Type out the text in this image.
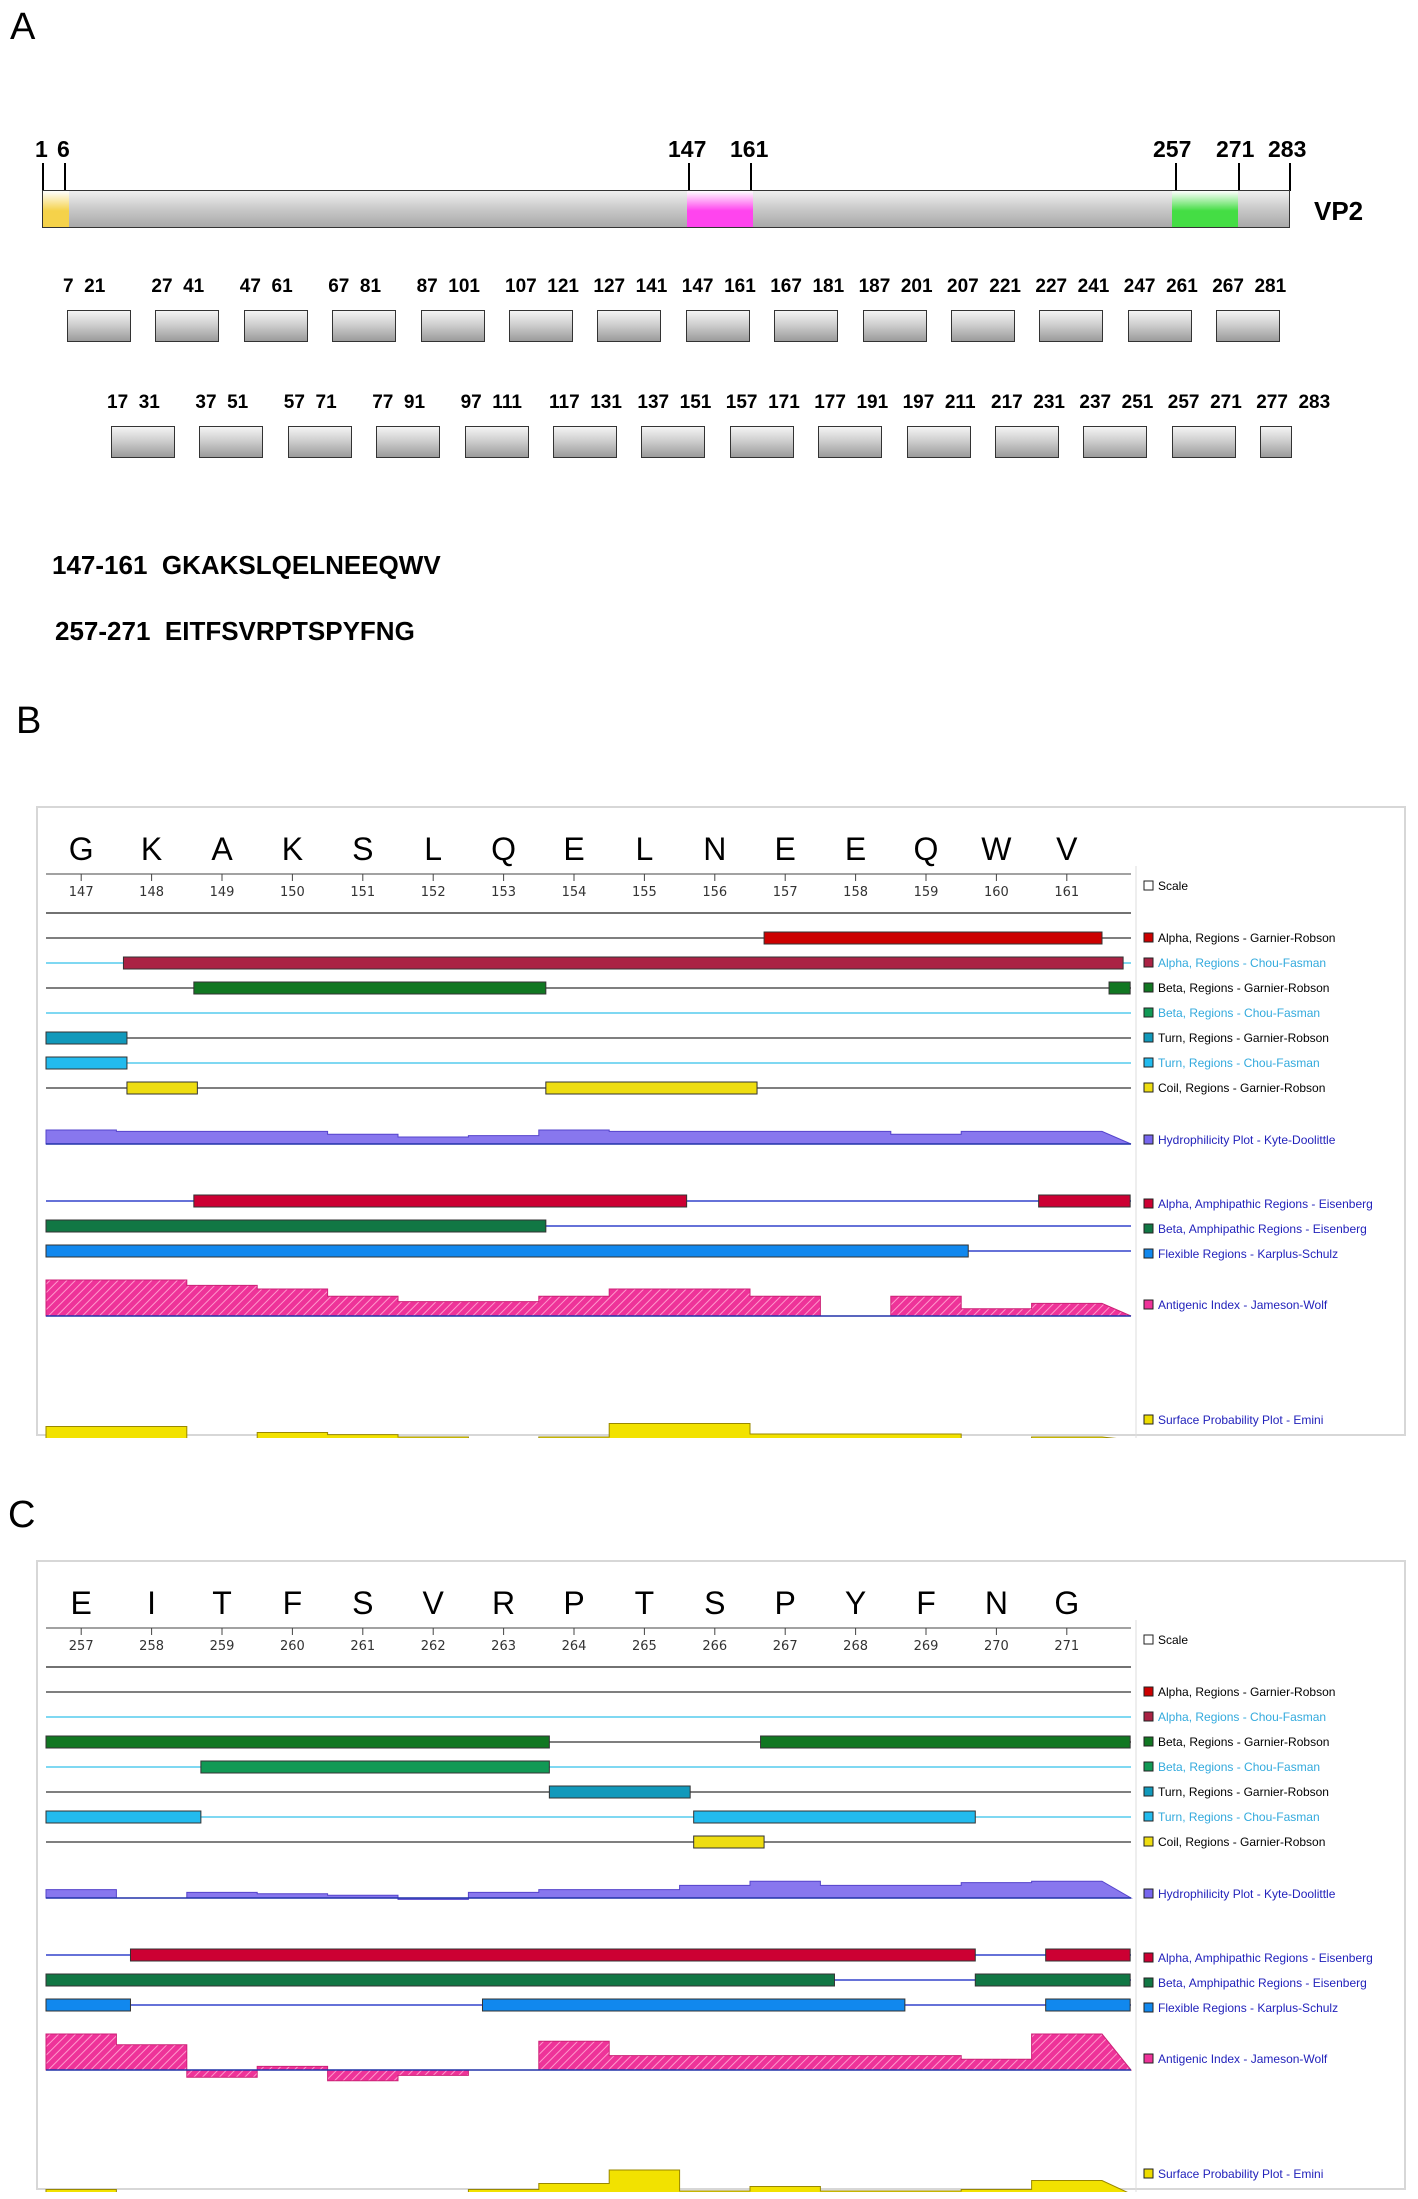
A
1 6	147 161	257 271 283
VP2
7 21 27 41 47 61 67 81 87 101 107 121 127 141 147 161 167 181 187 201 207 221 227 241 247 261 267 281
17 31 37 51 57 71 77 91 97 111 117 131 137 151 157 171 177 191 197 211 217 231 237 251 257 271 277 283
147-161 GKAKSLQELNEEQWV
257-271 EITFSVRPTSPYFNG
B
G K A K S L Q E L N E E Q W V
147	148	149	150	151	152	153	154	155	156	157	158	159	160	161	Scale
Alpha, Regions - Garnier-Robson
Alpha, Regions - Chou-Fasman
Beta, Regions - Garnier-Robson
Beta, Regions - Chou-Fasman
Turn, Regions - Garnier-Robson
Turn, Regions - Chou-Fasman
Coil, Regions - Garnier-Robson
Hydrophilicity Plot - Kyte-Doolittle
Alpha, Amphipathic Regions - Eisenberg
Beta, Amphipathic Regions - Eisenberg
Flexible Regions - Karplus-Schulz
Antigenic Index - Jameson-Wolf
Surface Probability Plot - Emini
C
E I T F S V R P T S P Y F N G
257	258	259	260	261	262	263	264	265	266	267	268	269	270	271	Scale
Alpha, Regions - Garnier-Robson
Alpha, Regions - Chou-Fasman
Beta, Regions - Garnier-Robson
Beta, Regions - Chou-Fasman
Turn, Regions - Garnier-Robson
Turn, Regions - Chou-Fasman
Coil, Regions - Garnier-Robson
Hydrophilicity Plot - Kyte-Doolittle
Alpha, Amphipathic Regions - Eisenberg
Beta, Amphipathic Regions - Eisenberg
Flexible Regions - Karplus-Schulz
Antigenic Index - Jameson-Wolf
Surface Probability Plot - Emini
